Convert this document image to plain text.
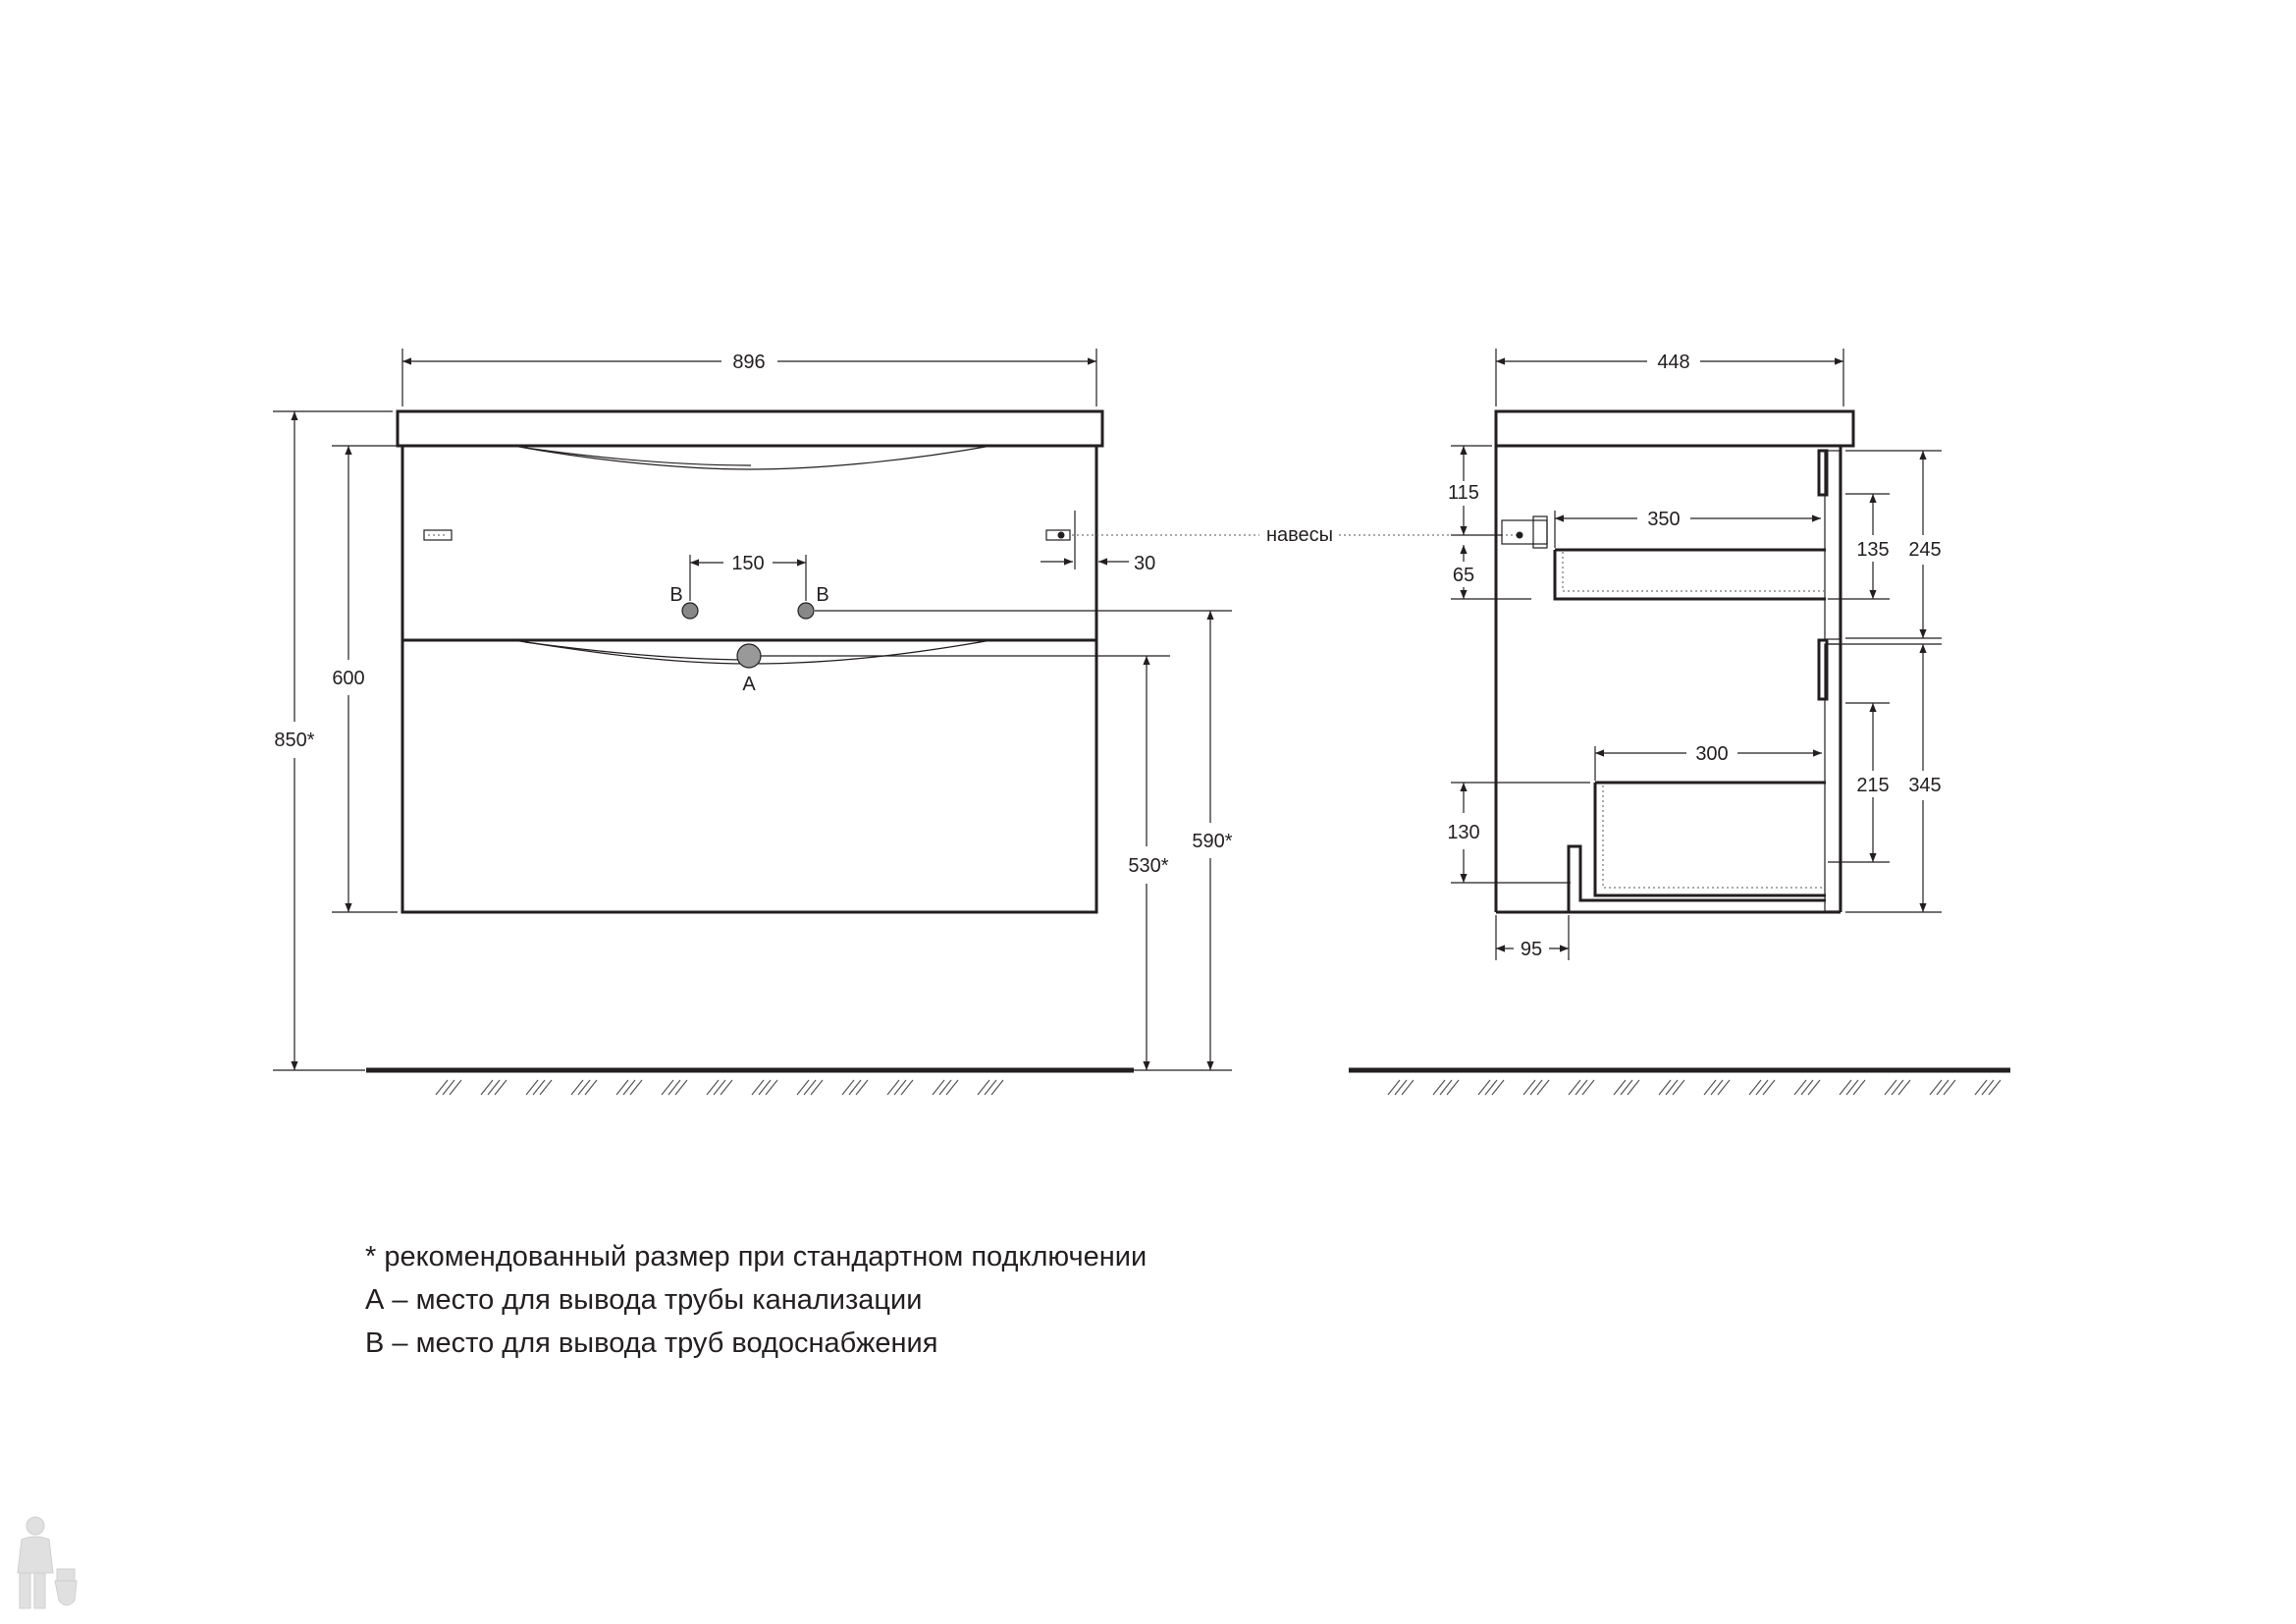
896
850*
600
150
B	B
A
30
530*
590*
навесы
448
115
65
350
135 245
300
215 345
130
95
* рекомендованный размер при стандартном подключении
А – место для вывода трубы канализации
В – место для вывода труб водоснабжения
